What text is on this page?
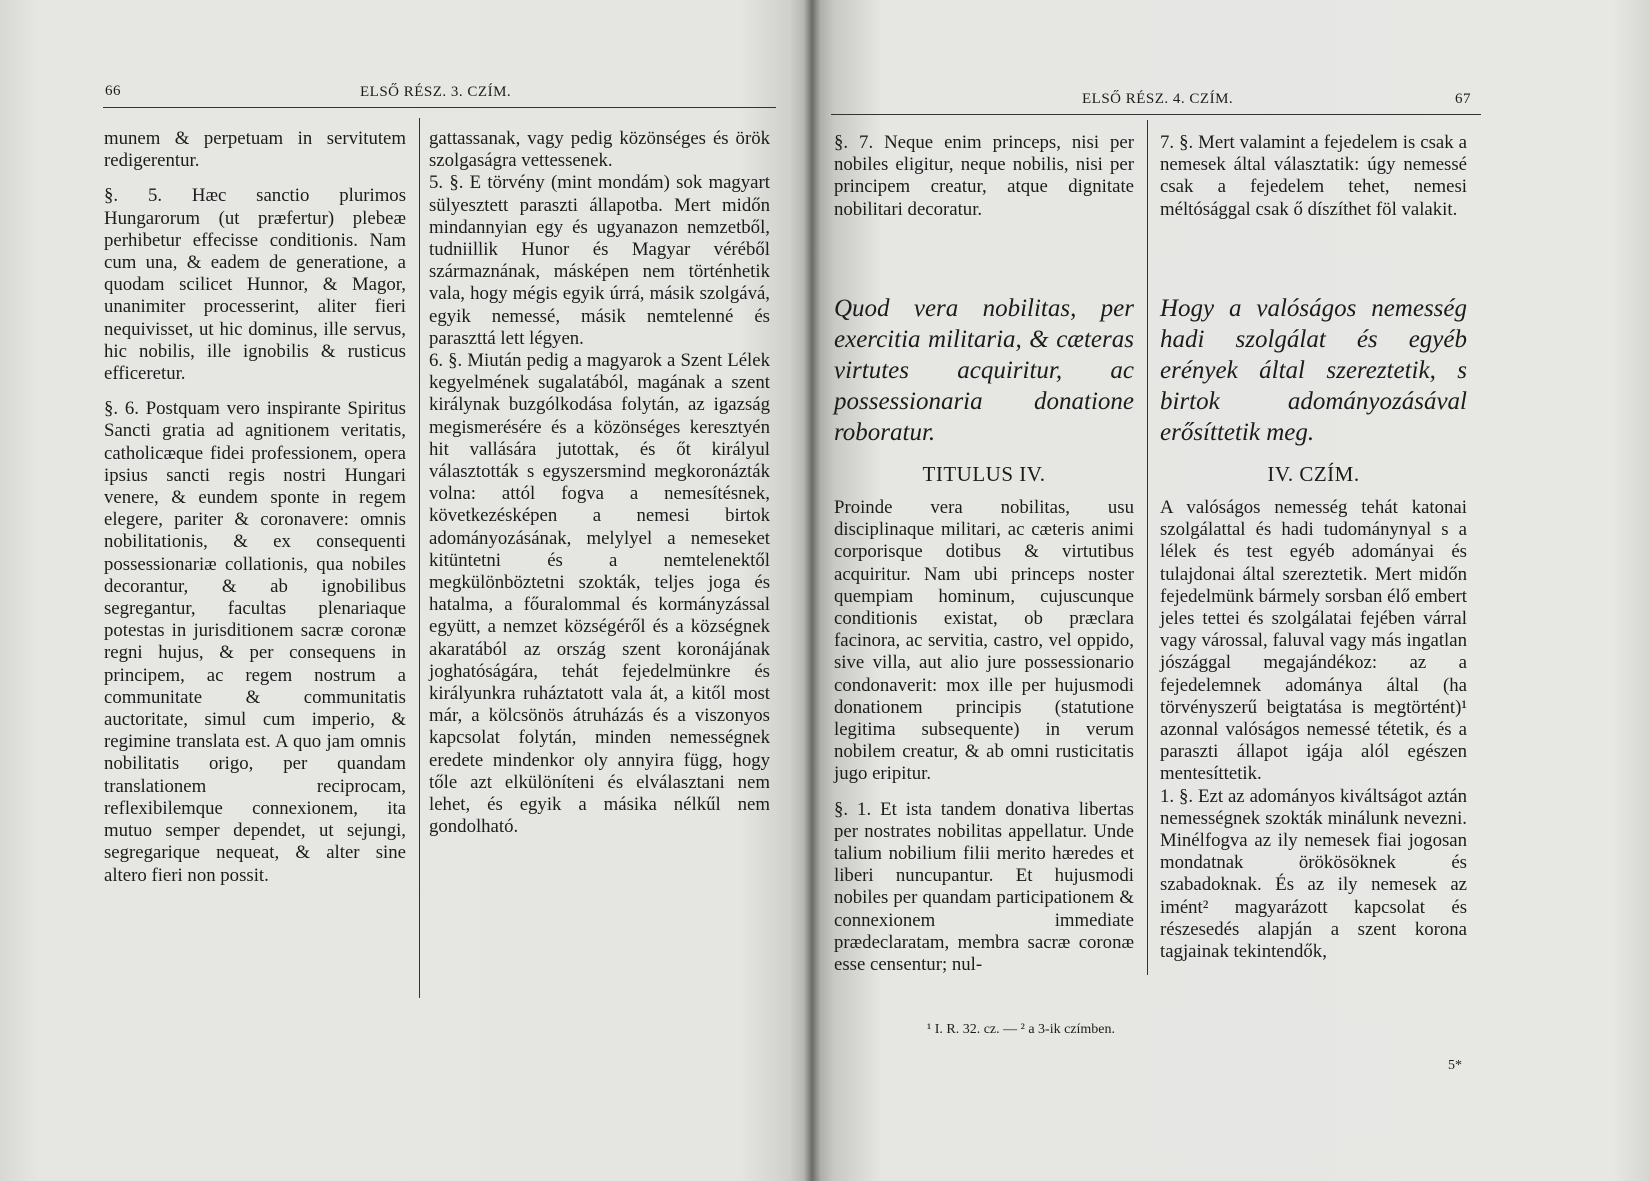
66	ELSŐ RÉSZ. 3. CZÍM.

munem & perpetuam in servitutem redigerentur.

§. 5. Hæc sanctio plurimos Hungarorum (ut præfertur) plebeæ perhibetur effecisse conditionis. Nam cum una, & eadem de generatione, a quodam scilicet Hunnor, & Magor, unanimiter processerint, aliter fieri nequivisset, ut hic dominus, ille servus, hic nobilis, ille ignobilis & rusticus efficeretur.

§. 6. Postquam vero inspirante Spiritus Sancti gratia ad agnitionem veritatis, catholicæque fidei professionem, opera ipsius sancti regis nostri Hungari venere, & eundem sponte in regem elegere, pariter & coronavere: omnis nobilitationis, & ex consequenti possessionariæ collationis, qua nobiles decorantur, & ab ignobilibus segregantur, facultas plenariaque potestas in jurisditionem sacræ coronæ regni hujus, & per consequens in principem, ac regem nostrum a communitate & communitatis auctoritate, simul cum imperio, & regimine translata est. A quo jam omnis nobilitatis origo, per quandam translationem reciprocam, reflexibilemque connexionem, ita mutuo semper dependet, ut sejungi, segregarique nequeat, & alter sine altero fieri non possit.

gattassanak, vagy pedig közönséges és örök szolgaságra vettessenek.

5. §. E törvény (mint mondám) sok magyart sülyesztett paraszti állapotba. Mert midőn mindannyian egy és ugyanazon nemzetből, tudniillik Hunor és Magyar véréből származnának, másképen nem történhetik vala, hogy mégis egyik úrrá, másik szolgává, egyik nemessé, másik nemtelenné és paraszttá lett légyen.

6. §. Miután pedig a magyarok a Szent Lélek kegyelmének sugalatából, magának a szent királynak buzgólkodása folytán, az igazság megismerésére és a közönséges keresztyén hit vallására jutottak, és őt királyul választották s egyszersmind megkoronázták volna: attól fogva a nemesítésnek, következésképen a nemesi birtok adományozásának, melylyel a nemeseket kitüntetni és a nemtelenektől megkülönböztetni szokták, teljes joga és hatalma, a főuralommal és kormányzással együtt, a nemzet községéről és a községnek akaratából az ország szent koronájának joghatóságára, tehát fejedelmünkre és királyunkra ruháztatott vala át, a kitől most már, a kölcsönös átruházás és a viszonyos kapcsolat folytán, minden nemességnek eredete mindenkor oly annyira függ, hogy tőle azt elkülöníteni és elválasztani nem lehet, és egyik a másika nélkűl nem gondolható.

ELSŐ RÉSZ. 4. CZÍM.	67

§. 7. Neque enim princeps, nisi per nobiles eligitur, neque nobilis, nisi per principem creatur, atque dignitate nobilitari decoratur.

Quod vera nobilitas, per exercitia militaria, & cæteras virtutes acquiritur, ac possessionaria donatione roboratur.

TITULUS IV.

Proinde vera nobilitas, usu disciplinaque militari, ac cæteris animi corporisque dotibus & virtutibus acquiritur. Nam ubi princeps noster quempiam hominum, cujuscunque conditionis existat, ob præclara facinora, ac servitia, castro, vel oppido, sive villa, aut alio jure possessionario condonaverit: mox ille per hujusmodi donationem principis (statutione legitima subsequente) in verum nobilem creatur, & ab omni rusticitatis jugo eripitur.

§. 1. Et ista tandem donativa libertas per nostrates nobilitas appellatur. Unde talium nobilium filii merito hæredes et liberi nuncupantur. Et hujusmodi nobiles per quandam participationem & connexionem immediate prædeclaratam, membra sacræ coronæ esse censentur; nul-

7. §. Mert valamint a fejedelem is csak a nemesek által választatik: úgy nemessé csak a fejedelem tehet, nemesi méltósággal csak ő díszíthet föl valakit.

Hogy a valóságos nemesség hadi szolgálat és egyéb erények által szereztetik, s birtok adományozásával erősíttetik meg.

IV. CZÍM.

A valóságos nemesség tehát katonai szolgálattal és hadi tudománynyal s a lélek és test egyéb adományai és tulajdonai által szereztetik. Mert midőn fejedelmünk bármely sorsban élő embert jeles tettei és szolgálatai fejében várral vagy várossal, faluval vagy más ingatlan jószággal megajándékoz: az a fejedelemnek adománya által (ha törvényszerű beigtatása is megtörtént)¹ azonnal valóságos nemessé tétetik, és a paraszti állapot igája alól egészen mentesíttetik.

1. §. Ezt az adományos kiváltságot aztán nemességnek szokták minálunk nevezni. Minélfogva az ily nemesek fiai jogosan mondatnak örökösöknek és szabadoknak. És az ily nemesek az imént² magyarázott kapcsolat és részesedés alapján a szent korona tagjainak tekintendők,

¹ I. R. 32. cz. — ² a 3-ik czímben.
5*
